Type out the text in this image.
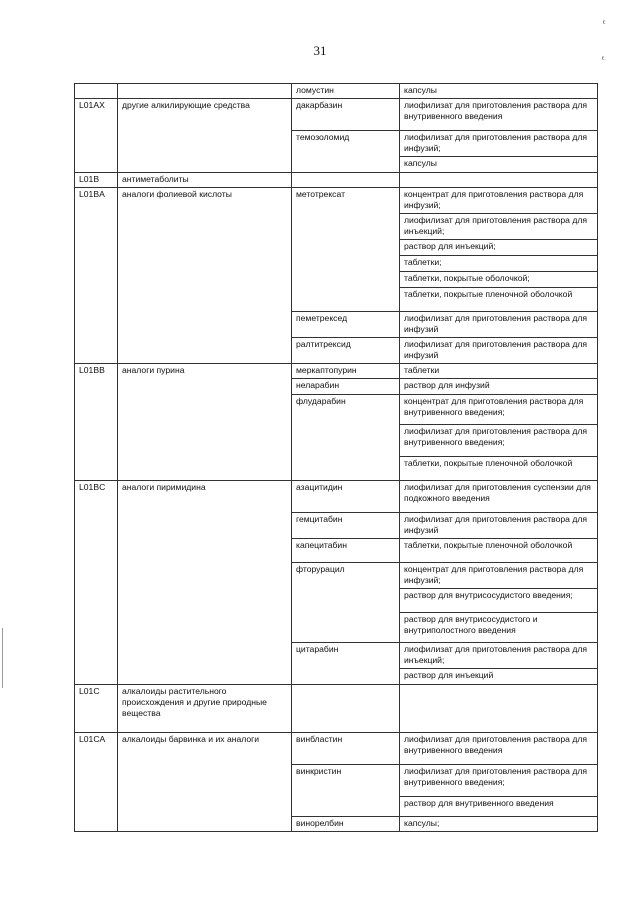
31
ᵋ
ᵋ
		ломустин	капсулы
L01AX	другие алкилирующие средства	дакарбазин	лиофилизат для приготовления раствора для внутривенного введения
		темозоломид	лиофилизат для приготовления раствора для инфузий;
			капсулы
L01B	антиметаболиты		
L01BA	аналоги фолиевой кислоты	метотрексат	концентрат для приготовления раствора для инфузий;
			лиофилизат для приготовления раствора для инъекций;
			раствор для инъекций;
			таблетки;
			таблетки, покрытые оболочкой;
			таблетки, покрытые пленочной оболочкой
		пеметрексед	лиофилизат для приготовления раствора для инфузий
		ралтитрексид	лиофилизат для приготовления раствора для инфузий
L01BB	аналоги пурина	меркаптопурин	таблетки
		неларабин	раствор для инфузий
		флударабин	концентрат для приготовления раствора для внутривенного введения;
			лиофилизат для приготовления раствора для внутривенного введения;
			таблетки, покрытые пленочной оболочкой
L01BC	аналоги пиримидина	азацитидин	лиофилизат для приготовления суспензии для подкожного введения
		гемцитабин	лиофилизат для приготовления раствора для инфузий
		капецитабин	таблетки, покрытые пленочной оболочкой
		фторурацил	концентрат для приготовления раствора для инфузий;
			раствор для внутрисосудистого введения;
			раствор для внутрисосудистого и внутриполостного введения
		цитарабин	лиофилизат для приготовления раствора для инъекций;
			раствор для инъекций
L01C	алкалоиды растительного происхождения и другие природные вещества		
L01CA	алкалоиды барвинка и их аналоги	винбластин	лиофилизат для приготовления раствора для внутривенного введения
		винкристин	лиофилизат для приготовления раствора для внутривенного введения;
			раствор для внутривенного введения
		винорелбин	капсулы;
